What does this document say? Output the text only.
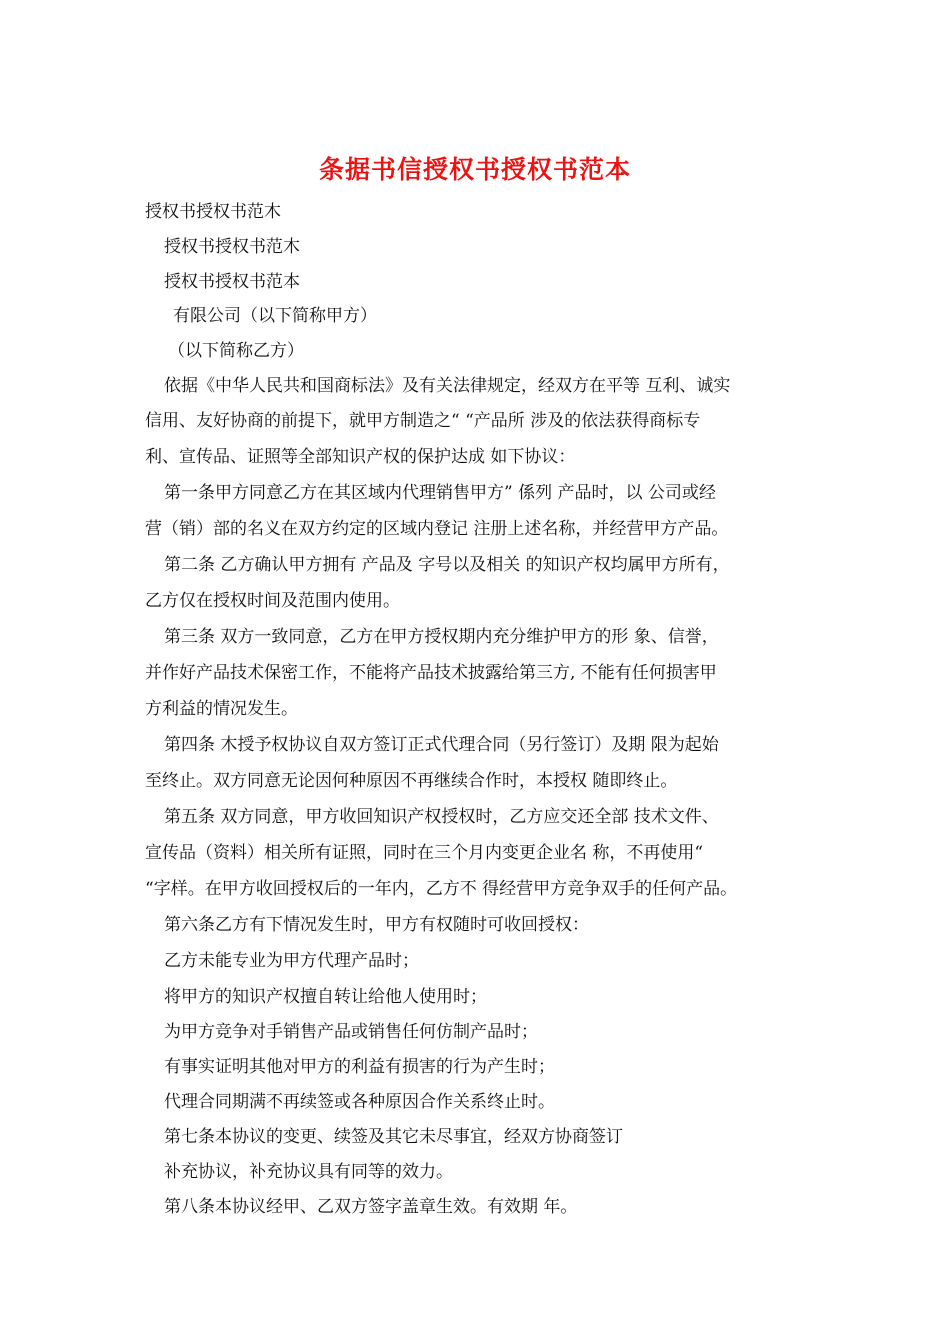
条据书信授权书授权书范本

授权书授权书范木

授权书授权书范木

授权书授权书范本

有限公司（以下简称甲方）

（以下简称乙方）

依据《中华人民共和国商标法》及有关法律规定，经双方在平等 互利、诚实

信用、友好协商的前提下，就甲方制造之“ “产品所 涉及的依法获得商标专

利、宣传品、证照等全部知识产权的保护达成 如下协议：

第一条甲方同意乙方在其区域内代理销售甲方” 係列 产品时，以 公司或经

营（销）部的名义在双方约定的区域内登记 注册上述名称，并经营甲方产品。

第二条 乙方确认甲方拥有 产品及 字号以及相关 的知识产权均属甲方所有，

乙方仅在授权时间及范围内使用。

第三条 双方一致同意，乙方在甲方授权期内充分维护甲方的形 象、信誉，

并作好产品技术保密工作，不能将产品技术披露给第三方, 不能有任何损害甲

方利益的情况发生。

第四条 木授予权协议自双方签订正式代理合同（另行签订）及期 限为起始

至终止。双方同意无论因何种原因不再继续合作时，本授权 随即终止。

第五条 双方同意，甲方收回知识产权授权时，乙方应交还全部 技术文件、

宣传品（资料）相关所有证照，同时在三个月内变更企业名 称，不再使用“

“字样。在甲方收回授权后的一年内，乙方不 得经营甲方竞争双手的任何产品。

第六条乙方有下情况发生时，甲方有权随时可收回授权：

乙方未能专业为甲方代理产品时；

将甲方的知识产权擅自转让给他人使用时；

为甲方竞争对手销售产品或销售任何仿制产品时；

有事实证明其他对甲方的利益有损害的行为产生时；

代理合同期满不再续签或各种原因合作关系终止时。

第七条本协议的变更、续签及其它未尽事宜，经双方协商签订

补充协议，补充协议具有同等的效力。

第八条本协议经甲、乙双方签字盖章生效。有效期 年。
